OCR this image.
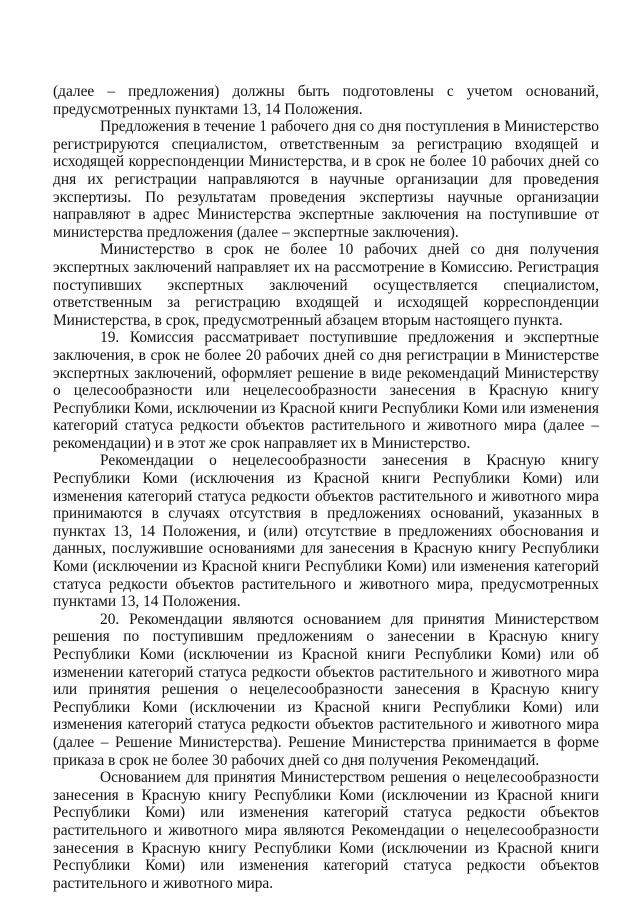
(далее – предложения) должны быть подготовлены с учетом оснований, предусмотренных пунктами 13, 14 Положения.

Предложения в течение 1 рабочего дня со дня поступления в Министерство регистрируются специалистом, ответственным за регистрацию входящей и исходящей корреспонденции Министерства, и в срок не более 10 рабочих дней со дня их регистрации направляются в научные организации для проведения экспертизы. По результатам проведения экспертизы научные организации направляют в адрес Министерства экспертные заключения на поступившие от министерства предложения (далее – экспертные заключения).

Министерство в срок не более 10 рабочих дней со дня получения экспертных заключений направляет их на рассмотрение в Комиссию. Регистрация поступивших экспертных заключений осуществляется специалистом, ответственным за регистрацию входящей и исходящей корреспонденции Министерства, в срок, предусмотренный абзацем вторым настоящего пункта.

19. Комиссия рассматривает поступившие предложения и экспертные заключения, в срок не более 20 рабочих дней со дня регистрации в Министерстве экспертных заключений, оформляет решение в виде рекомендаций Министерству о целесообразности или нецелесообразности занесения в Красную книгу Республики Коми, исключении из Красной книги Республики Коми или изменения категорий статуса редкости объектов растительного и животного мира (далее – рекомендации) и в этот же срок направляет их в Министерство.

Рекомендации о нецелесообразности занесения в Красную книгу Республики Коми (исключения из Красной книги Республики Коми) или изменения категорий статуса редкости объектов растительного и животного мира принимаются в случаях отсутствия в предложениях оснований, указанных в пунктах 13, 14 Положения, и (или) отсутствие в предложениях обоснования и данных, послужившие основаниями для занесения в Красную книгу Республики Коми (исключении из Красной книги Республики Коми) или изменения категорий статуса редкости объектов растительного и животного мира, предусмотренных пунктами 13, 14 Положения.

20. Рекомендации являются основанием для принятия Министерством решения по поступившим предложениям о занесении в Красную книгу Республики Коми (исключении из Красной книги Республики Коми) или об изменении категорий статуса редкости объектов растительного и животного мира или принятия решения о нецелесообразности занесения в Красную книгу Республики Коми (исключении из Красной книги Республики Коми) или изменения категорий статуса редкости объектов растительного и животного мира (далее – Решение Министерства). Решение Министерства принимается в форме приказа в срок не более 30 рабочих дней со дня получения Рекомендаций.

Основанием для принятия Министерством решения о нецелесообразности занесения в Красную книгу Республики Коми (исключении из Красной книги Республики Коми) или изменения категорий статуса редкости объектов растительного и животного мира являются Рекомендации о нецелесообразности занесения в Красную книгу Республики Коми (исключении из Красной книги Республики Коми) или изменения категорий статуса редкости объектов растительного и животного мира.
